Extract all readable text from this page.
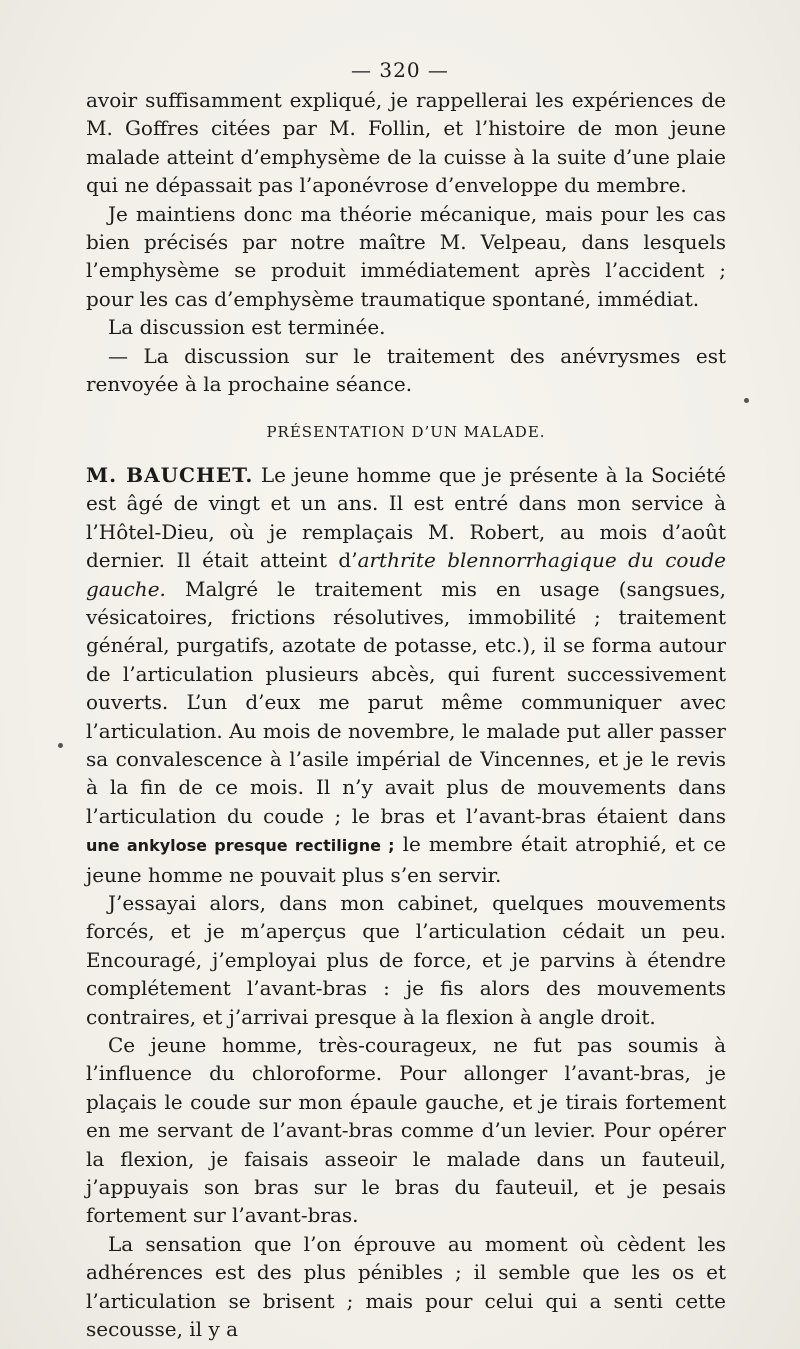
— 320 —

avoir suffisamment expliqué, je rappellerai les expériences de M. Goffres citées par M. Follin, et l’histoire de mon jeune malade atteint d’emphysème de la cuisse à la suite d’une plaie qui ne dépassait pas l’aponévrose d’enveloppe du membre.

Je maintiens donc ma théorie mécanique, mais pour les cas bien précisés par notre maître M. Velpeau, dans lesquels l’emphysème se produit immédiatement après l’accident ; pour les cas d’emphysème traumatique spontané, immédiat.

La discussion est terminée.

— La discussion sur le traitement des anévrysmes est renvoyée à la prochaine séance.

PRÉSENTATION D’UN MALADE.

M. BAUCHET. Le jeune homme que je présente à la Société est âgé de vingt et un ans. Il est entré dans mon service à l’Hôtel-Dieu, où je remplaçais M. Robert, au mois d’août dernier. Il était atteint d’arthrite blennorrhagique du coude gauche. Malgré le traitement mis en usage (sangsues, vésicatoires, frictions résolutives, immobilité ; traitement général, purgatifs, azotate de potasse, etc.), il se forma autour de l’articulation plusieurs abcès, qui furent successivement ouverts. L’un d’eux me parut même communiquer avec l’articulation. Au mois de novembre, le malade put aller passer sa convalescence à l’asile impérial de Vincennes, et je le revis à la fin de ce mois. Il n’y avait plus de mouvements dans l’articulation du coude ; le bras et l’avant-bras étaient dans une ankylose presque rectiligne ; le membre était atrophié, et ce jeune homme ne pouvait plus s’en servir.

J’essayai alors, dans mon cabinet, quelques mouvements forcés, et je m’aperçus que l’articulation cédait un peu. Encouragé, j’employai plus de force, et je parvins à étendre complétement l’avant-bras : je fis alors des mouvements contraires, et j’arrivai presque à la flexion à angle droit.

Ce jeune homme, très-courageux, ne fut pas soumis à l’influence du chloroforme. Pour allonger l’avant-bras, je plaçais le coude sur mon épaule gauche, et je tirais fortement en me servant de l’avant-bras comme d’un levier. Pour opérer la flexion, je faisais asseoir le malade dans un fauteuil, j’appuyais son bras sur le bras du fauteuil, et je pesais fortement sur l’avant-bras.

La sensation que l’on éprouve au moment où cèdent les adhérences est des plus pénibles ; il semble que les os et l’articulation se brisent ; mais pour celui qui a senti cette secousse, il y a
